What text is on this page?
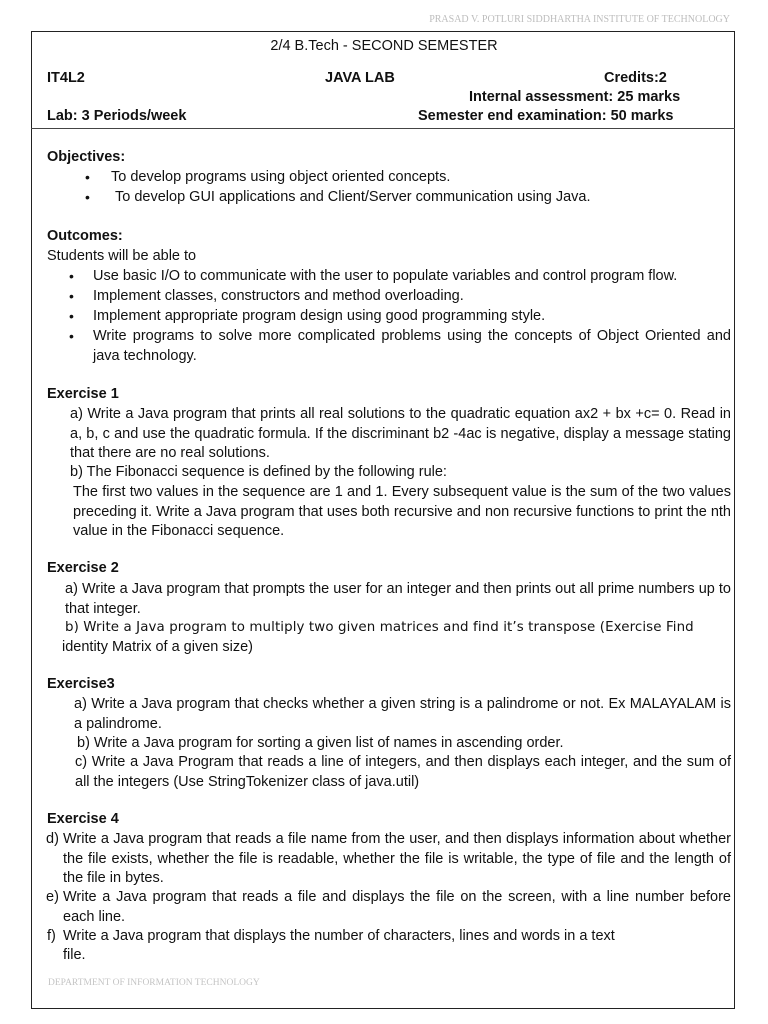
PRASAD V. POTLURI SIDDHARTHA INSTITUTE OF TECHNOLOGY
2/4 B.Tech - SECOND SEMESTER
IT4L2	JAVA LAB	Credits:2
Internal assessment: 25 marks
Lab: 3 Periods/week	Semester end examination: 50 marks
Objectives:
• To develop programs using object oriented concepts.
• To develop GUI applications and Client/Server communication using Java.
Outcomes:
Students will be able to
• Use basic I/O to communicate with the user to populate variables and control program flow.
• Implement classes, constructors and method overloading.
• Implement appropriate program design using good programming style.
• Write programs to solve more complicated problems using the concepts of Object Oriented and java technology.
Exercise 1
a) Write a Java program that prints all real solutions to the quadratic equation ax2 + bx +c= 0. Read in a, b, c and use the quadratic formula. If the discriminant b2 -4ac is negative, display a message stating that there are no real solutions.
b) The Fibonacci sequence is defined by the following rule:
The first two values in the sequence are 1 and 1. Every subsequent value is the sum of the two values preceding it. Write a Java program that uses both recursive and non recursive functions to print the nth value in the Fibonacci sequence.
Exercise 2
a) Write a Java program that prompts the user for an integer and then prints out all prime numbers up to that integer.
b) Write a Java program to multiply two given matrices and find it’s transpose (Exercise Find
identity Matrix of a given size)
Exercise3
a) Write a Java program that checks whether a given string is a palindrome or not. Ex MALAYALAM is a palindrome.
b) Write a Java program for sorting a given list of names in ascending order.
c) Write a Java Program that reads a line of integers, and then displays each integer, and the sum of all the integers (Use StringTokenizer class of java.util)
Exercise 4
d) Write a Java program that reads a file name from the user, and then displays information about whether the file exists, whether the file is readable, whether the file is writable, the type of file and the length of the file in bytes.
e) Write a Java program that reads a file and displays the file on the screen, with a line number before each line.
f) Write a Java program that displays the number of characters, lines and words in a text
file.
DEPARTMENT OF INFORMATION TECHNOLOGY
